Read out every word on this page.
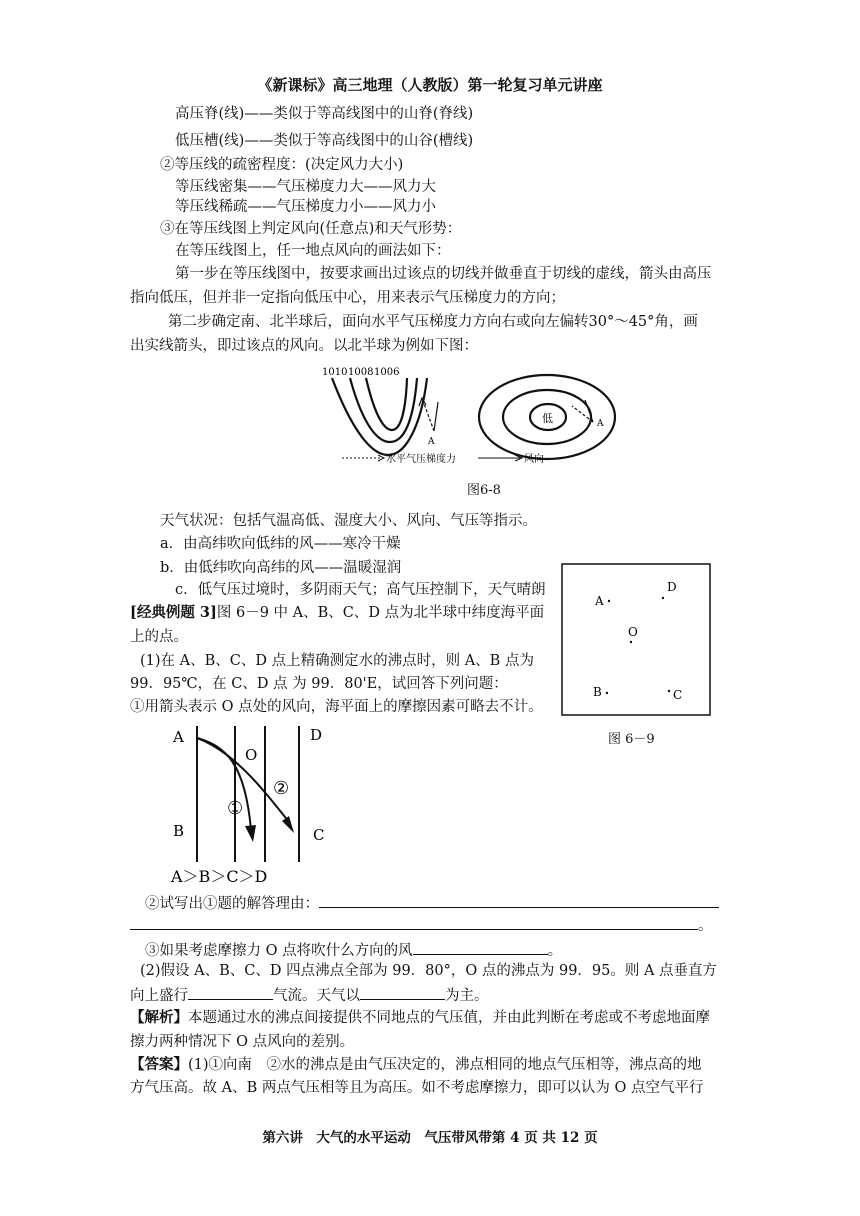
《新课标》高三地理（人教版）第一轮复习单元讲座
高压脊(线)——类似于等高线图中的山脊(脊线)
低压槽(线)——类似于等高线图中的山谷(槽线)
②等压线的疏密程度：(决定风力大小)
等压线密集——气压梯度力大——风力大
等压线稀疏——气压梯度力小——风力小
③在等压线图上判定风向(任意点)和天气形势：
在等压线图上，任一地点风向的画法如下：
第一步在等压线图中，按要求画出过该点的切线并做垂直于切线的虚线，箭头由高压
指向低压，但并非一定指向低压中心，用来表示气压梯度力的方向；
第二步确定南、北半球后，面向水平气压梯度力方向右或向左偏转30°～45°角，画
出实线箭头，即过该点的风向。以北半球为例如下图：
1010 1008 1006
低
A
A
水平气压梯度力	风向
图6-8
天气状况：包括气温高低、湿度大小、风向、气压等指示。
a．由高纬吹向低纬的风——寒冷干燥
b．由低纬吹向高纬的风——温暖湿润
c．低气压过境时，多阴雨天气；高气压控制下，天气晴朗
[经典例题 3]图 6－9 中 A、B、C、D 点为北半球中纬度海平面
上的点。
(1)在 A、B、C、D 点上精确测定水的沸点时，则 A、B 点为
99．95℃，在 C、D 点 为 99．80'E，试回答下列问题：
①用箭头表示 O 点处的风向，海平面上的摩擦因素可略去不计。
A
D
O
B	C
图 6－9
A
O
D
B	C
①
②
A＞B＞C＞D
②试写出①题的解答理由：
。
③如果考虑摩擦力 O 点将吹什么方向的风	。
(2)假设 A、B、C、D 四点沸点全部为 99．80°，O 点的沸点为 99．95。则 A 点垂直方
向上盛行	气流。天气以	为主。
【解析】本题通过水的沸点间接提供不同地点的气压值，并由此判断在考虑或不考虑地面摩
擦力两种情况下 O 点风向的差别。
【答案】(1)①向南　②水的沸点是由气压决定的，沸点相同的地点气压相等，沸点高的地
方气压高。故 A、B 两点气压相等且为高压。如不考虑摩擦力，即可以认为 O 点空气平行
第六讲　大气的水平运动　气压带风带第 4 页 共 12 页
